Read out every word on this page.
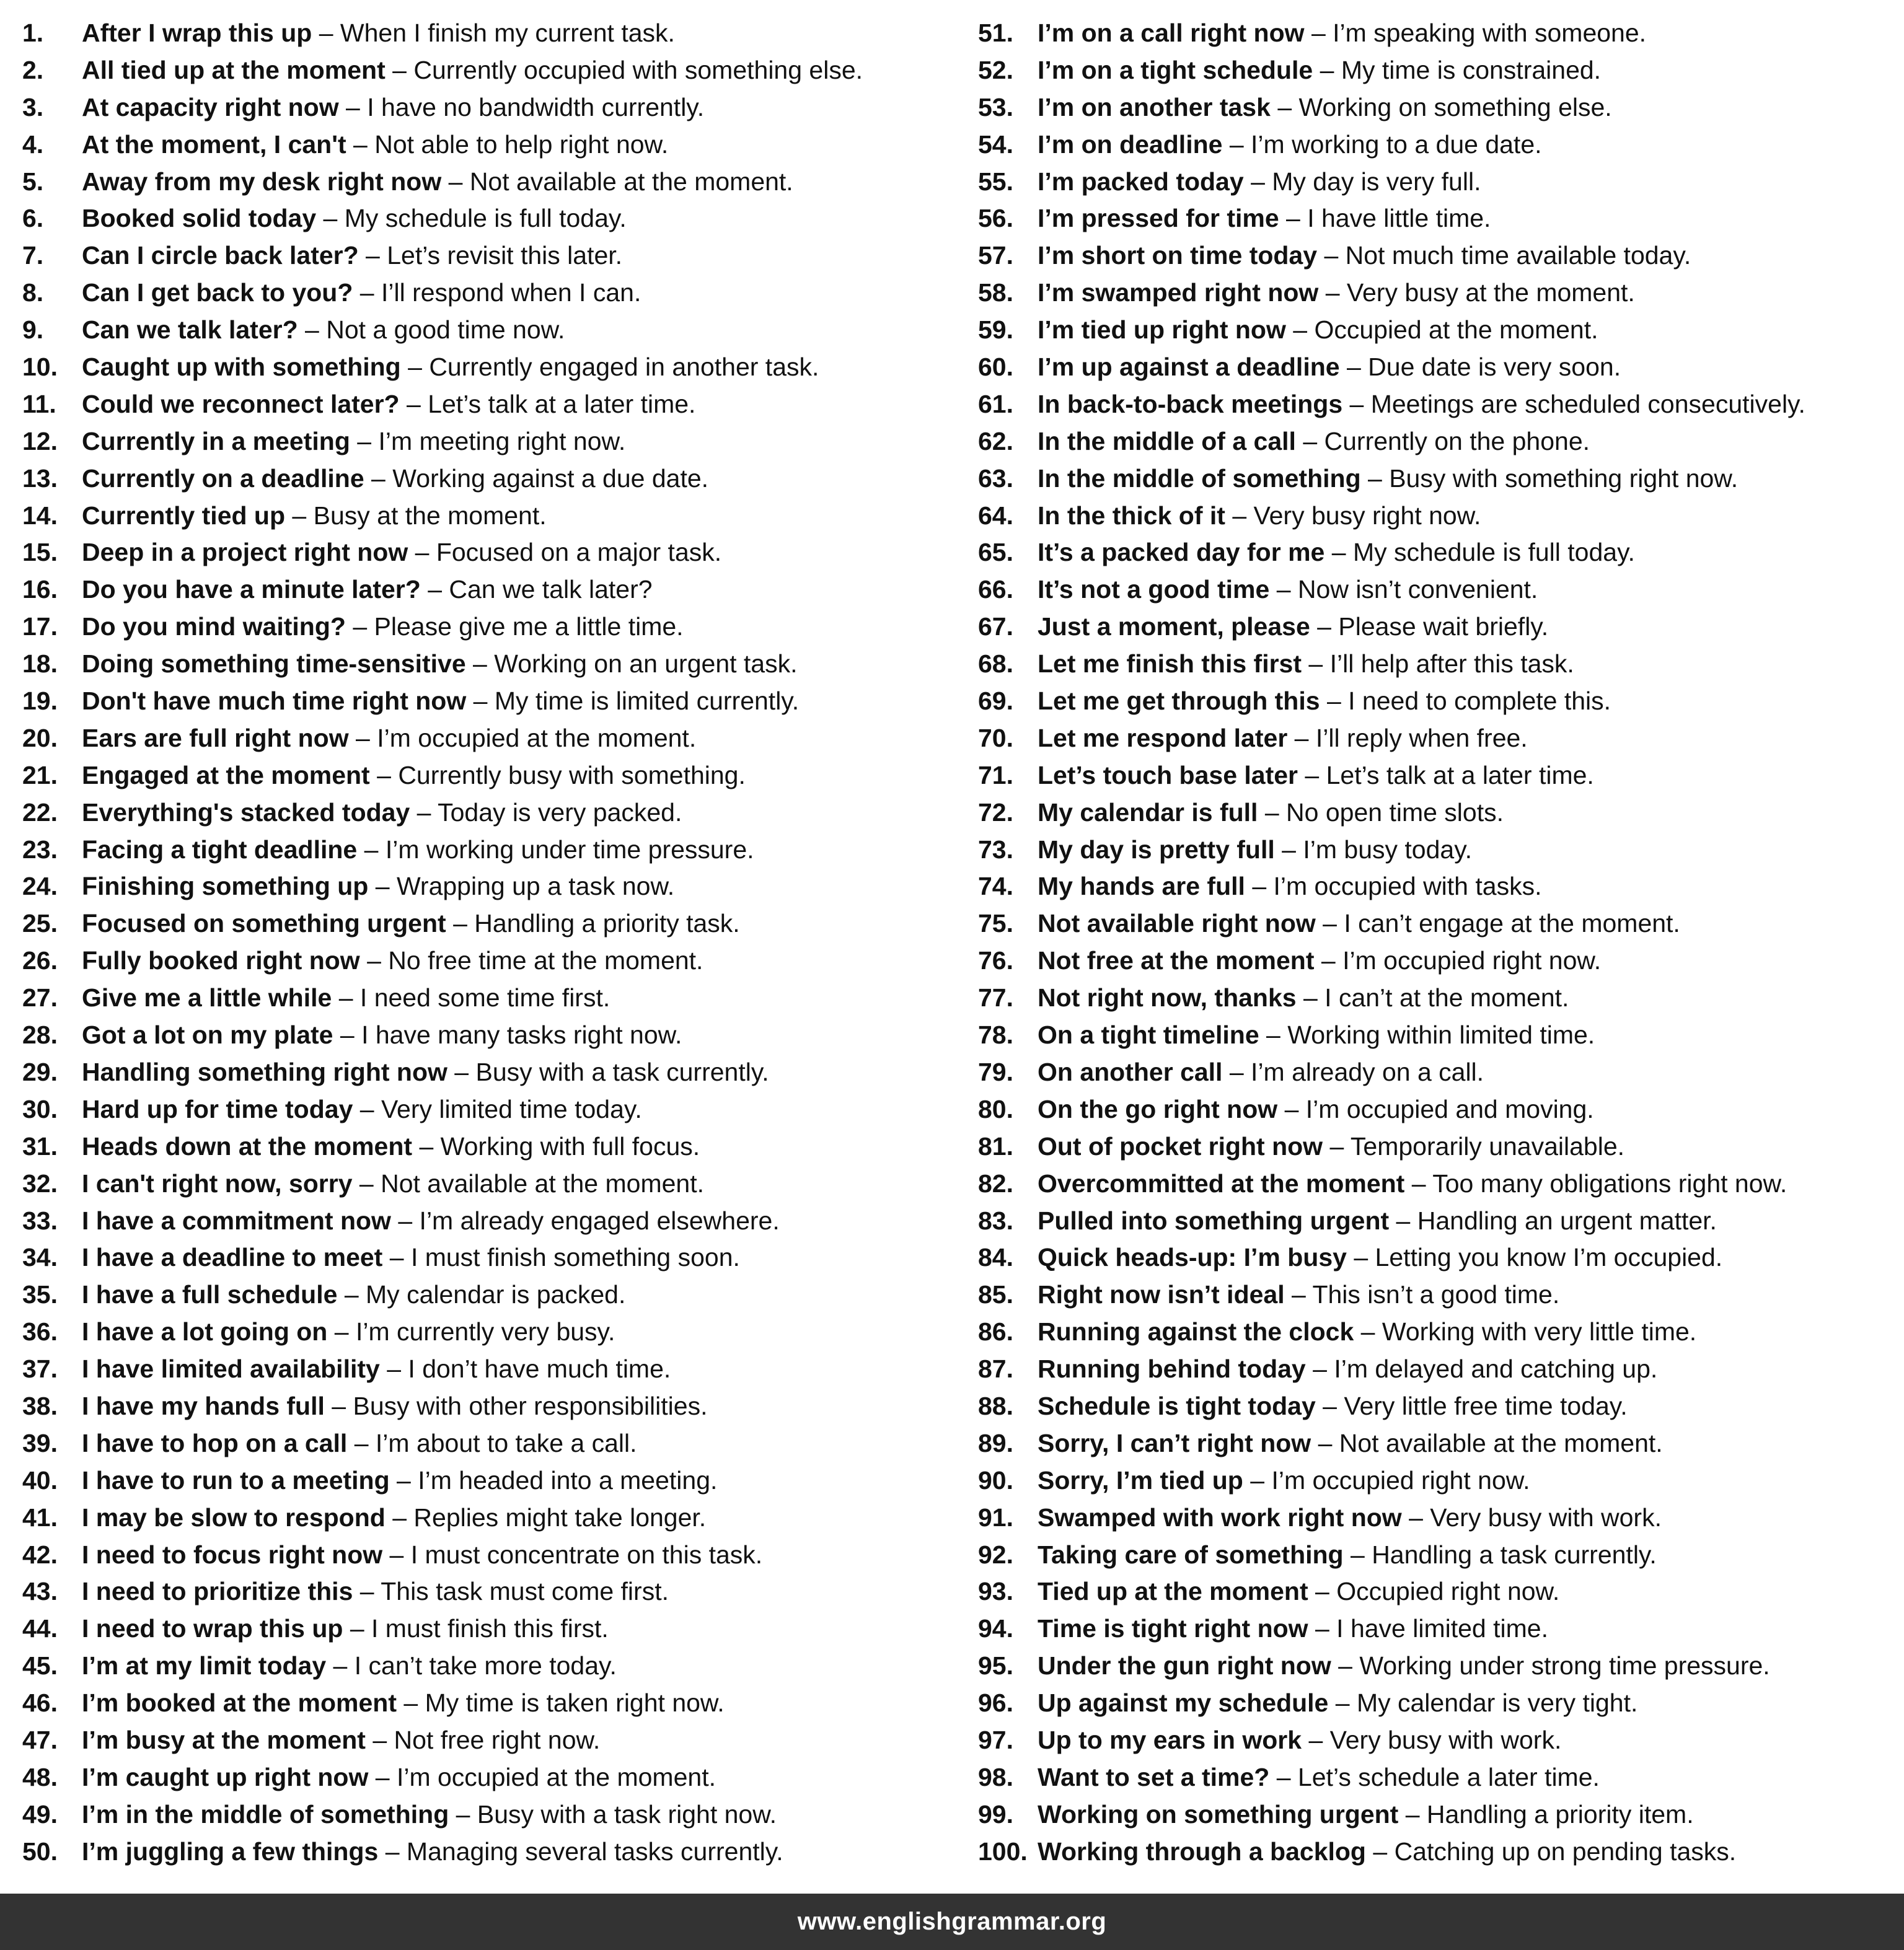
1. After I wrap this up – When I finish my current task.
2. All tied up at the moment – Currently occupied with something else.
3. At capacity right now – I have no bandwidth currently.
4. At the moment, I can't – Not able to help right now.
5. Away from my desk right now – Not available at the moment.
6. Booked solid today – My schedule is full today.
7. Can I circle back later? – Let’s revisit this later.
8. Can I get back to you? – I’ll respond when I can.
9. Can we talk later? – Not a good time now.
10. Caught up with something – Currently engaged in another task.
11. Could we reconnect later? – Let’s talk at a later time.
12. Currently in a meeting – I’m meeting right now.
13. Currently on a deadline – Working against a due date.
14. Currently tied up – Busy at the moment.
15. Deep in a project right now – Focused on a major task.
16. Do you have a minute later? – Can we talk later?
17. Do you mind waiting? – Please give me a little time.
18. Doing something time-sensitive – Working on an urgent task.
19. Don't have much time right now – My time is limited currently.
20. Ears are full right now – I’m occupied at the moment.
21. Engaged at the moment – Currently busy with something.
22. Everything's stacked today – Today is very packed.
23. Facing a tight deadline – I’m working under time pressure.
24. Finishing something up – Wrapping up a task now.
25. Focused on something urgent – Handling a priority task.
26. Fully booked right now – No free time at the moment.
27. Give me a little while – I need some time first.
28. Got a lot on my plate – I have many tasks right now.
29. Handling something right now – Busy with a task currently.
30. Hard up for time today – Very limited time today.
31. Heads down at the moment – Working with full focus.
32. I can't right now, sorry – Not available at the moment.
33. I have a commitment now – I’m already engaged elsewhere.
34. I have a deadline to meet – I must finish something soon.
35. I have a full schedule – My calendar is packed.
36. I have a lot going on – I’m currently very busy.
37. I have limited availability – I don’t have much time.
38. I have my hands full – Busy with other responsibilities.
39. I have to hop on a call – I’m about to take a call.
40. I have to run to a meeting – I’m headed into a meeting.
41. I may be slow to respond – Replies might take longer.
42. I need to focus right now – I must concentrate on this task.
43. I need to prioritize this – This task must come first.
44. I need to wrap this up – I must finish this first.
45. I’m at my limit today – I can’t take more today.
46. I’m booked at the moment – My time is taken right now.
47. I’m busy at the moment – Not free right now.
48. I’m caught up right now – I’m occupied at the moment.
49. I’m in the middle of something – Busy with a task right now.
50. I’m juggling a few things – Managing several tasks currently.
51. I’m on a call right now – I’m speaking with someone.
52. I’m on a tight schedule – My time is constrained.
53. I’m on another task – Working on something else.
54. I’m on deadline – I’m working to a due date.
55. I’m packed today – My day is very full.
56. I’m pressed for time – I have little time.
57. I’m short on time today – Not much time available today.
58. I’m swamped right now – Very busy at the moment.
59. I’m tied up right now – Occupied at the moment.
60. I’m up against a deadline – Due date is very soon.
61. In back-to-back meetings – Meetings are scheduled consecutively.
62. In the middle of a call – Currently on the phone.
63. In the middle of something – Busy with something right now.
64. In the thick of it – Very busy right now.
65. It’s a packed day for me – My schedule is full today.
66. It’s not a good time – Now isn’t convenient.
67. Just a moment, please – Please wait briefly.
68. Let me finish this first – I’ll help after this task.
69. Let me get through this – I need to complete this.
70. Let me respond later – I’ll reply when free.
71. Let’s touch base later – Let’s talk at a later time.
72. My calendar is full – No open time slots.
73. My day is pretty full – I’m busy today.
74. My hands are full – I’m occupied with tasks.
75. Not available right now – I can’t engage at the moment.
76. Not free at the moment – I’m occupied right now.
77. Not right now, thanks – I can’t at the moment.
78. On a tight timeline – Working within limited time.
79. On another call – I’m already on a call.
80. On the go right now – I’m occupied and moving.
81. Out of pocket right now – Temporarily unavailable.
82. Overcommitted at the moment – Too many obligations right now.
83. Pulled into something urgent – Handling an urgent matter.
84. Quick heads-up: I’m busy – Letting you know I’m occupied.
85. Right now isn’t ideal – This isn’t a good time.
86. Running against the clock – Working with very little time.
87. Running behind today – I’m delayed and catching up.
88. Schedule is tight today – Very little free time today.
89. Sorry, I can’t right now – Not available at the moment.
90. Sorry, I’m tied up – I’m occupied right now.
91. Swamped with work right now – Very busy with work.
92. Taking care of something – Handling a task currently.
93. Tied up at the moment – Occupied right now.
94. Time is tight right now – I have limited time.
95. Under the gun right now – Working under strong time pressure.
96. Up against my schedule – My calendar is very tight.
97. Up to my ears in work – Very busy with work.
98. Want to set a time? – Let’s schedule a later time.
99. Working on something urgent – Handling a priority item.
100. Working through a backlog – Catching up on pending tasks.
www.englishgrammar.org
